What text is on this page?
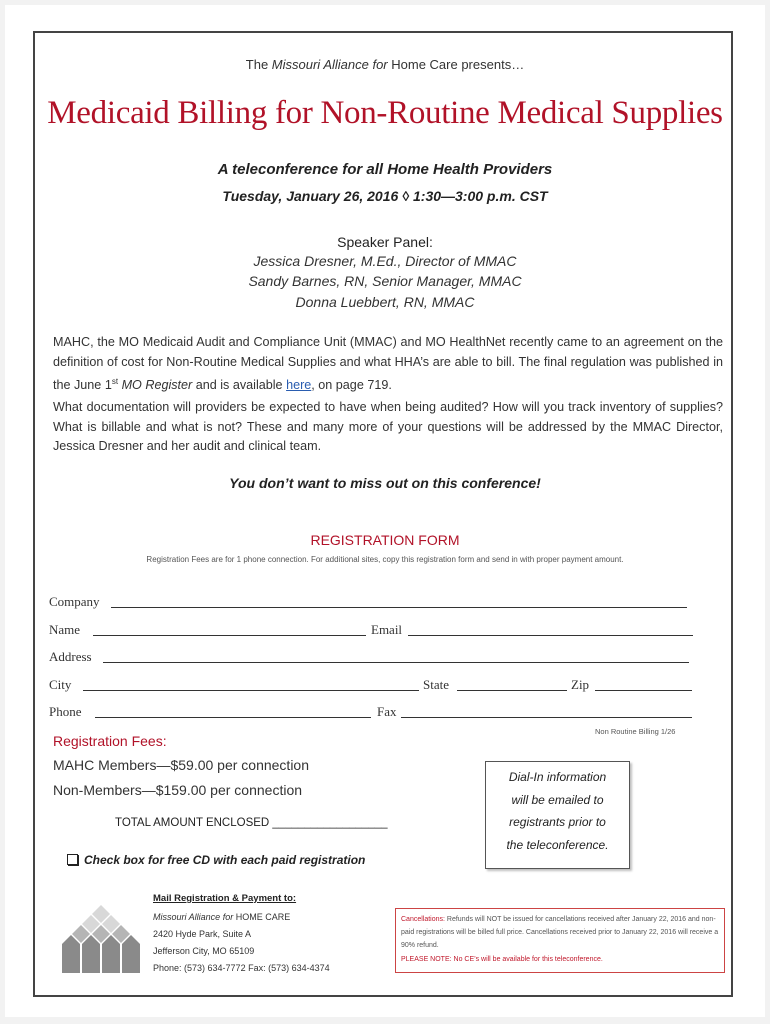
The Missouri Alliance for Home Care presents…
Medicaid Billing for Non-Routine Medical Supplies
A teleconference for all Home Health Providers
Tuesday, January 26, 2016 ◊ 1:30—3:00 p.m. CST
Speaker Panel:
Jessica Dresner, M.Ed., Director of MMAC
Sandy Barnes, RN, Senior Manager, MMAC
Donna Luebbert, RN, MMAC
MAHC, the MO Medicaid Audit and Compliance Unit (MMAC) and MO HealthNet recently came to an agreement on the definition of cost for Non-Routine Medical Supplies and what HHA’s are able to bill. The final regulation was published in the June 1st MO Register and is available here, on page 719.
What documentation will providers be expected to have when being audited? How will you track inventory of supplies? What is billable and what is not? These and many more of your questions will be addressed by the MMAC Director, Jessica Dresner and her audit and clinical team.
You don’t want to miss out on this conference!
REGISTRATION FORM
Registration Fees are for 1 phone connection. For additional sites, copy this registration form and send in with proper payment amount.
Company
Name	Email
Address
City	State	Zip
Phone	Fax
Non Routine Billing 1/26
Registration Fees:
MAHC Members—$59.00 per connection
Non-Members—$159.00 per connection
TOTAL AMOUNT ENCLOSED __________________
Check box for free CD with each paid registration

Dial-In information

will be emailed to

registrants prior to

the teleconference.

Mail Registration & Payment to:
Missouri Alliance for HOME CARE
2420 Hyde Park, Suite A
Jefferson City, MO 65109
Phone: (573) 634-7772 Fax: (573) 634-4374
Cancellations: Refunds will NOT be issued for cancellations received after January 22, 2016 and non-paid registrations will be billed full price. Cancellations received prior to January 22, 2016 will receive a 90% refund.
PLEASE NOTE: No CE’s will be available for this teleconference.
